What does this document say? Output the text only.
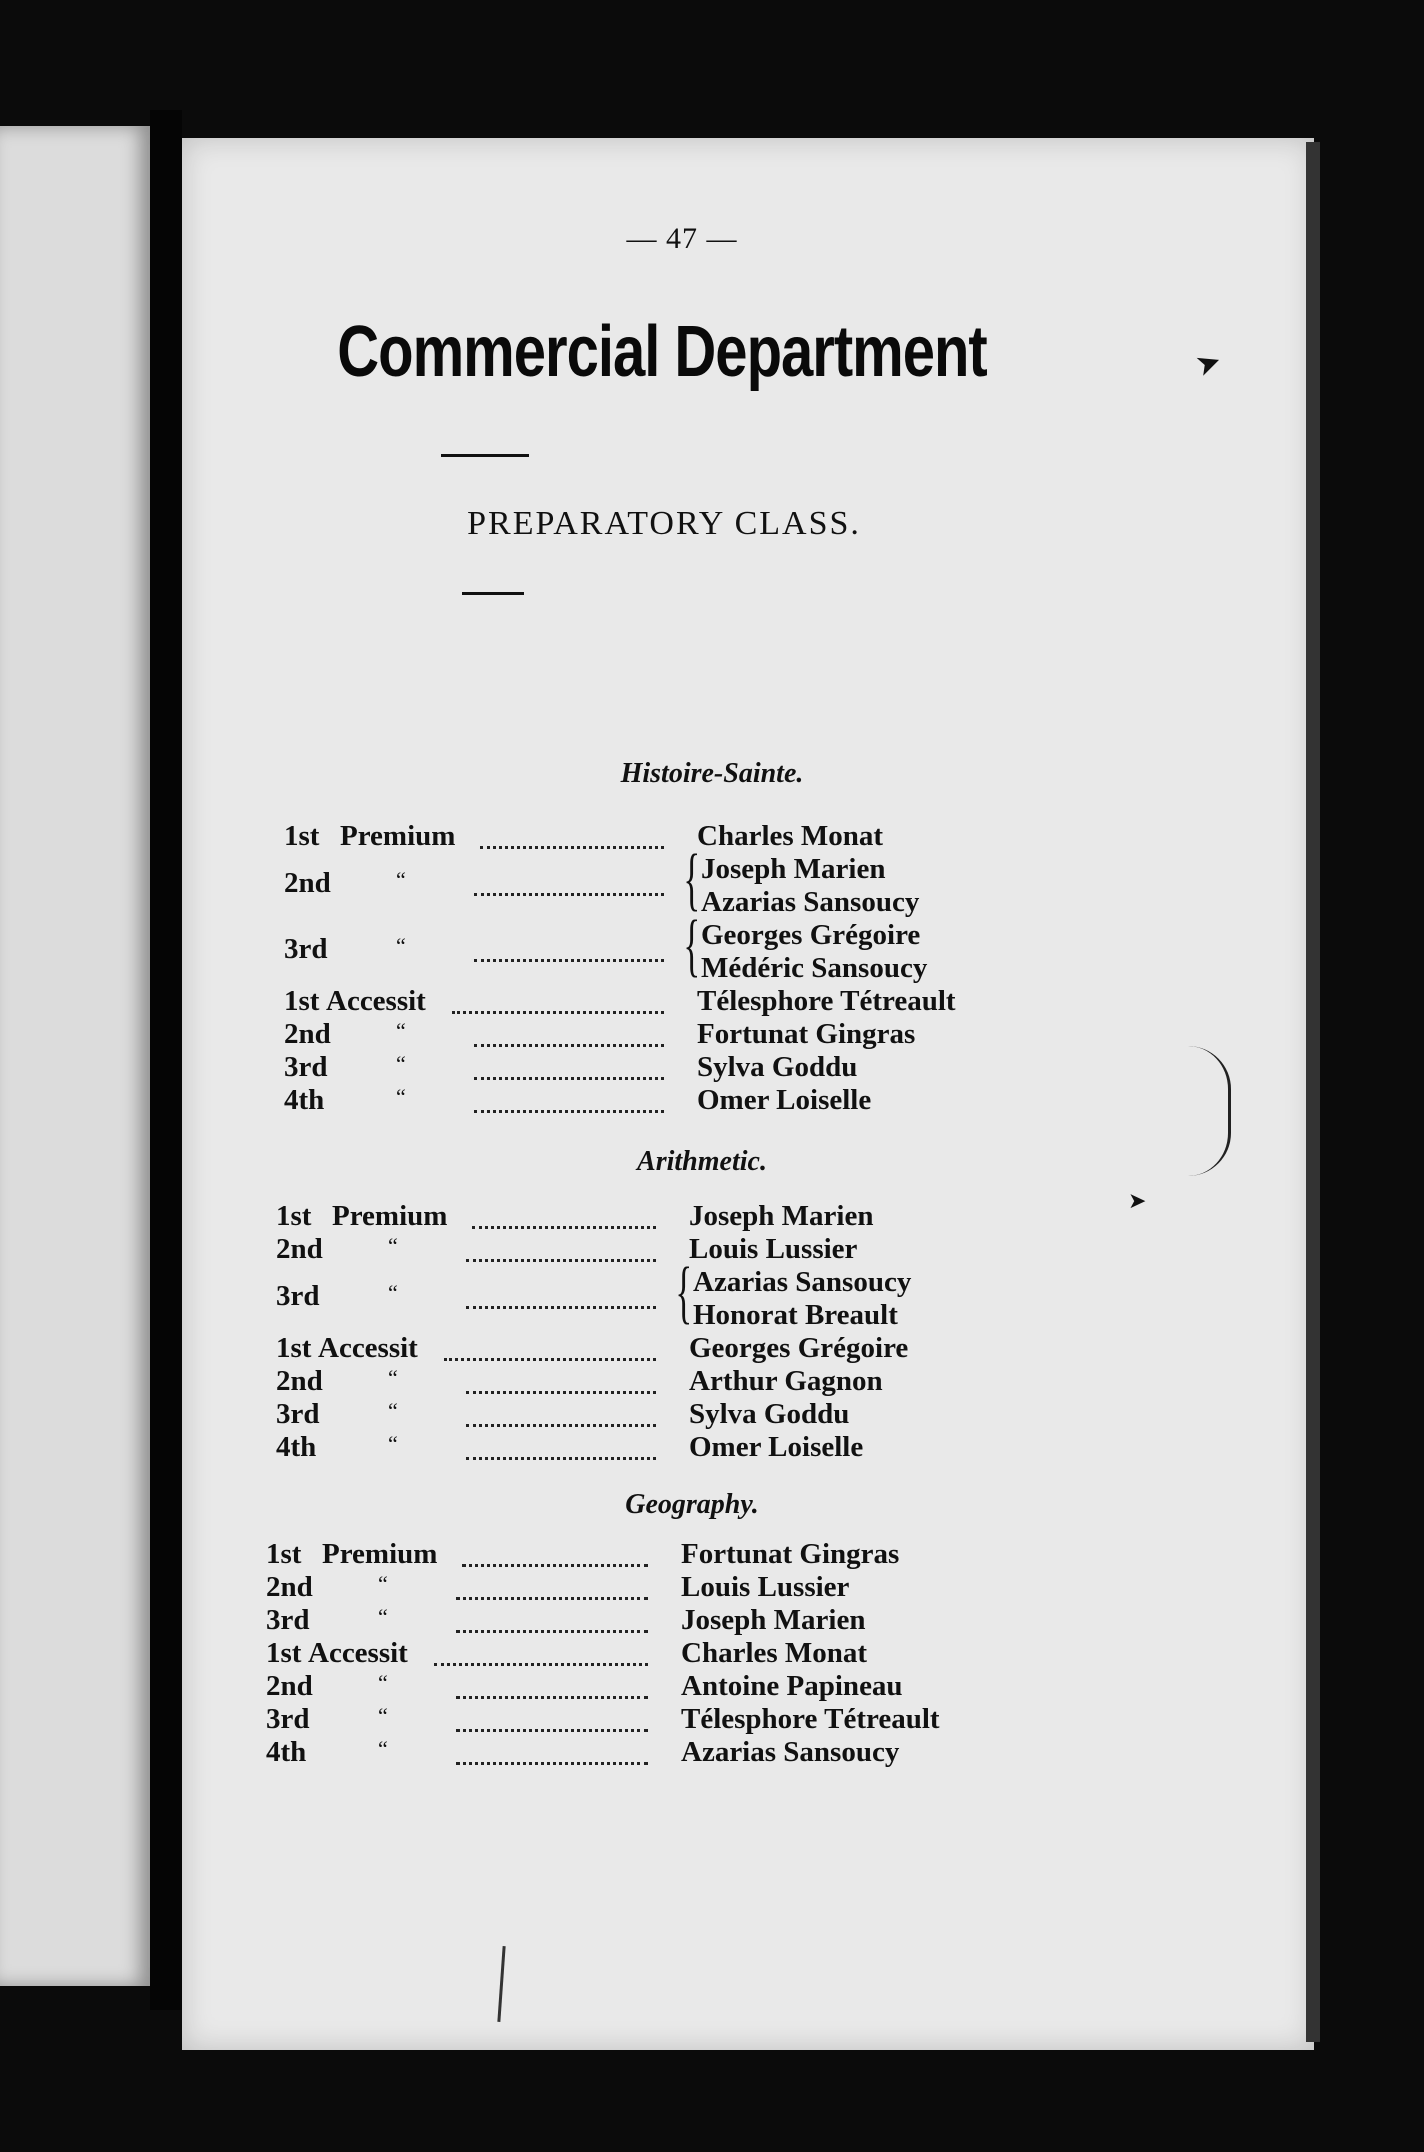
— 47 —
Commercial Department
PREPARATORY CLASS.
Histoire-Sainte.
1st Premium	Charles Monat
2nd	“	{ Joseph Marien
Azarias Sansoucy
3rd	“	{ Georges Grégoire
Médéric Sansoucy
1st Accessit	Télesphore Tétreault
2nd	“	Fortunat Gingras
3rd	“	Sylva Goddu
4th	“	Omer Loiselle
Arithmetic.
1st Premium	Joseph Marien
2nd	“	Louis Lussier
3rd	“	{ Azarias Sansoucy
Honorat Breault
1st Accessit	Georges Grégoire
2nd	“	Arthur Gagnon
3rd	“	Sylva Goddu
4th	“	Omer Loiselle
Geography.
1st Premium	Fortunat Gingras
2nd	“	Louis Lussier
3rd	“	Joseph Marien
1st Accessit	Charles Monat
2nd	“	Antoine Papineau
3rd	“	Télesphore Tétreault
4th	“	Azarias Sansoucy
➤
➤
